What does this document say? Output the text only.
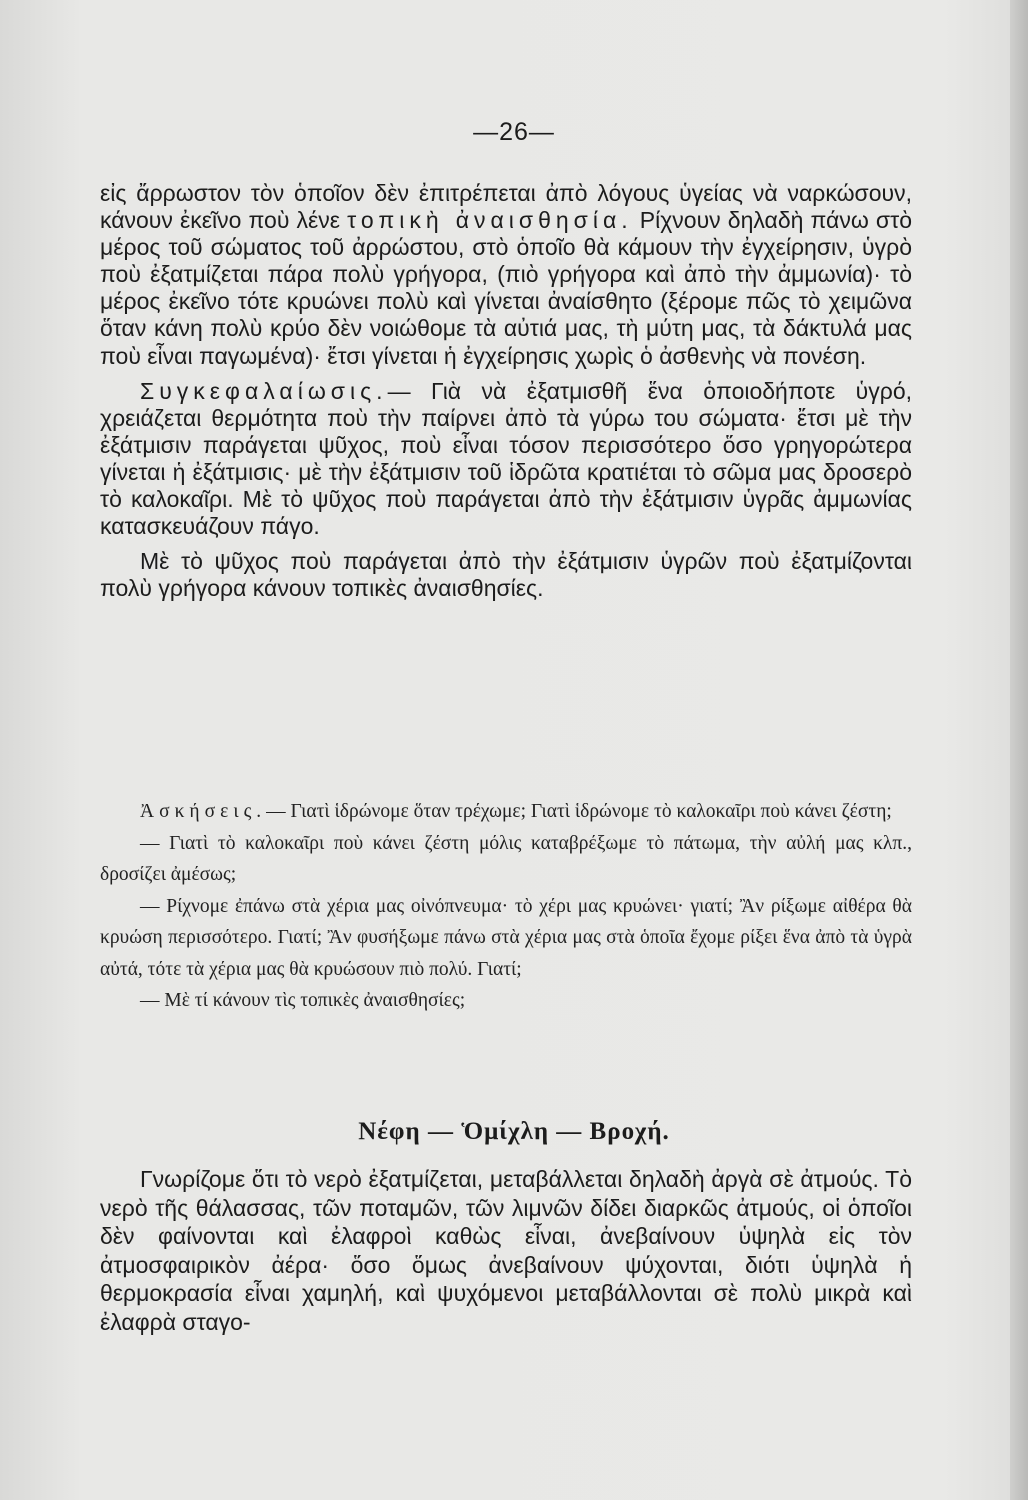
—26—

εἰς ἄρρωστον τὸν ὁποῖον δὲν ἐπιτρέπεται ἀπὸ λόγους ὑγείας νὰ ναρκώσουν, κάνουν ἐκεῖνο ποὺ λένε τοπικὴ ἀναισθησία. Ρίχνουν δηλαδὴ πάνω στὸ μέρος τοῦ σώματος τοῦ ἀρρώστου, στὸ ὁποῖο θὰ κάμουν τὴν ἐγχείρησιν, ὑγρὸ ποὺ ἐξατμίζεται πάρα πολὺ γρήγορα, (πιὸ γρήγορα καὶ ἀπὸ τὴν ἀμμωνία)· τὸ μέρος ἐκεῖνο τότε κρυώνει πολὺ καὶ γίνεται ἀναίσθητο (ξέρομε πῶς τὸ χειμῶνα ὅταν κάνη πολὺ κρύο δὲν νοιώθομε τὰ αὐτιά μας, τὴ μύτη μας, τὰ δάκτυλά μας ποὺ εἶναι παγωμένα)· ἔτσι γίνεται ἡ ἐγχείρησις χωρὶς ὁ ἀσθενὴς νὰ πονέση.

Συγκεφαλαίωσις.— Γιὰ νὰ ἐξατμισθῆ ἕνα ὁποιοδήποτε ὑγρό, χρειάζεται θερμότητα ποὺ τὴν παίρνει ἀπὸ τὰ γύρω του σώματα· ἔτσι μὲ τὴν ἐξάτμισιν παράγεται ψῦχος, ποὺ εἶναι τόσον περισσότερο ὅσο γρηγορώτερα γίνεται ἡ ἐξάτμισις· μὲ τὴν ἐξάτμισιν τοῦ ἱδρῶτα κρατιέται τὸ σῶμα μας δροσερὸ τὸ καλοκαῖρι. Μὲ τὸ ψῦχος ποὺ παράγεται ἀπὸ τὴν ἐξάτμισιν ὑγρᾶς ἀμμωνίας κατασκευάζουν πάγο.

Μὲ τὸ ψῦχος ποὺ παράγεται ἀπὸ τὴν ἐξάτμισιν ὑγρῶν ποὺ ἐξατμίζονται πολὺ γρήγορα κάνουν τοπικὲς ἀναισθησίες.

Ἀσκήσεις.— Γιατὶ ἱδρώνομε ὅταν τρέχωμε; Γιατὶ ἱδρώνομε τὸ καλοκαῖρι ποὺ κάνει ζέστη;

— Γιατὶ τὸ καλοκαῖρι ποὺ κάνει ζέστη μόλις καταβρέξωμε τὸ πάτωμα, τὴν αὐλή μας κλπ., δροσίζει ἀμέσως;

— Ρίχνομε ἐπάνω στὰ χέρια μας οἰνόπνευμα· τὸ χέρι μας κρυώνει· γιατί; Ἂν ρίξωμε αἰθέρα θὰ κρυώση περισσότερο. Γιατί; Ἂν φυσήξωμε πάνω στὰ χέρια μας στὰ ὁποῖα ἔχομε ρίξει ἕνα ἀπὸ τὰ ὑγρὰ αὐτά, τότε τὰ χέρια μας θὰ κρυώσουν πιὸ πολύ. Γιατί;

— Μὲ τί κάνουν τὶς τοπικὲς ἀναισθησίες;

Νέφη — Ὁμίχλη — Βροχή.

Γνωρίζομε ὅτι τὸ νερὸ ἐξατμίζεται, μεταβάλλεται δηλαδὴ ἀργὰ σὲ ἀτμούς. Τὸ νερὸ τῆς θάλασσας, τῶν ποταμῶν, τῶν λιμνῶν δίδει διαρκῶς ἀτμούς, οἱ ὁποῖοι δὲν φαίνονται καὶ ἐλαφροὶ καθὼς εἶναι, ἀνεβαίνουν ὑψηλὰ εἰς τὸν ἀτμοσφαιρικὸν ἀέρα· ὅσο ὅμως ἀνεβαίνουν ψύχονται, διότι ὑψηλὰ ἡ θερμοκρασία εἶναι χαμηλή, καὶ ψυχόμενοι μεταβάλλονται σὲ πολὺ μικρὰ καὶ ἐλαφρὰ σταγο-
